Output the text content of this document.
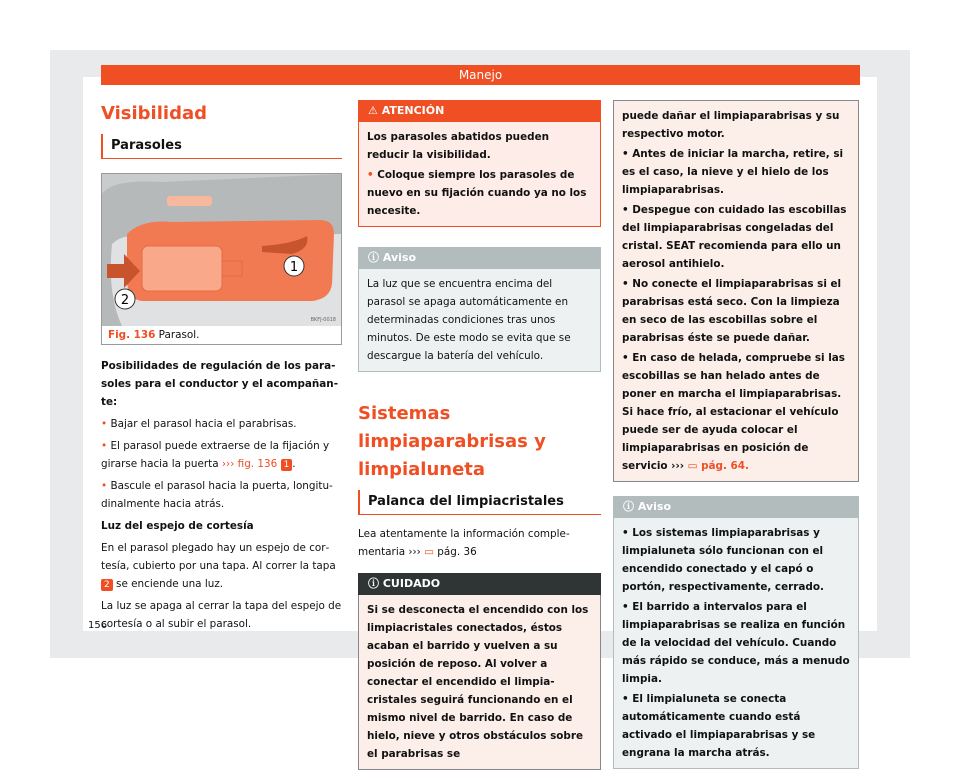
Manejo
Visibilidad
Parasoles
1
2
BKFJ-0018
Fig. 136 Parasol.

Posibilidades de regulación de los parasoles para el conductor y el acompañante:

• Bajar el parasol hacia el parabrisas.

• El parasol puede extraerse de la fijación y girarse hacia la puerta ››› fig. 136 1 .

• Bascule el parasol hacia la puerta, longitudinalmente hacia atrás.

Luz del espejo de cortesía

En el parasol plegado hay un espejo de cortesía, cubierto por una tapa. Al correr la tapa 2 se enciende una luz.

La luz se apaga al cerrar la tapa del espejo de cortesía o al subir el parasol.

⚠ ATENCIÓN

Los parasoles abatidos pueden reducir la visibilidad.

• Coloque siempre los parasoles de nuevo en su fijación cuando ya no los necesite.

ⓘ Aviso

La luz que se encuentra encima del parasol se apaga automáticamente en determinadas condiciones tras unos minutos. De este modo se evita que se descargue la batería del vehículo.

Sistemas limpiaparabrisas y limpialuneta
Palanca del limpiacristales

Lea atentamente la información complementaria ››› ▭ pág. 36

ⓘ CUIDADO

Si se desconecta el encendido con los limpiacristales conectados, éstos acaban el barrido y vuelven a su posición de reposo. Al volver a conectar el encendido el limpiacristales seguirá funcionando en el mismo nivel de barrido. En caso de hielo, nieve y otros obstáculos sobre el parabrisas se

puede dañar el limpiaparabrisas y su respectivo motor.

• Antes de iniciar la marcha, retire, si es el caso, la nieve y el hielo de los limpiaparabrisas.

• Despegue con cuidado las escobillas del limpiaparabrisas congeladas del cristal. SEAT recomienda para ello un aerosol antihielo.

• No conecte el limpiaparabrisas si el parabrisas está seco. Con la limpieza en seco de las escobillas sobre el parabrisas éste se puede dañar.

• En caso de helada, compruebe si las escobillas se han helado antes de poner en marcha el limpiaparabrisas. Si hace frío, al estacionar el vehículo puede ser de ayuda colocar el limpiaparabrisas en posición de servicio ››› ▭ pág. 64.

ⓘ Aviso

• Los sistemas limpiaparabrisas y limpialuneta sólo funcionan con el encendido conectado y el capó o portón, respectivamente, cerrado.

• El barrido a intervalos para el limpiaparabrisas se realiza en función de la velocidad del vehículo. Cuando más rápido se conduce, más a menudo limpia.

• El limpialuneta se conecta automáticamente cuando está activado el limpiaparabrisas y se engrana la marcha atrás.

156
